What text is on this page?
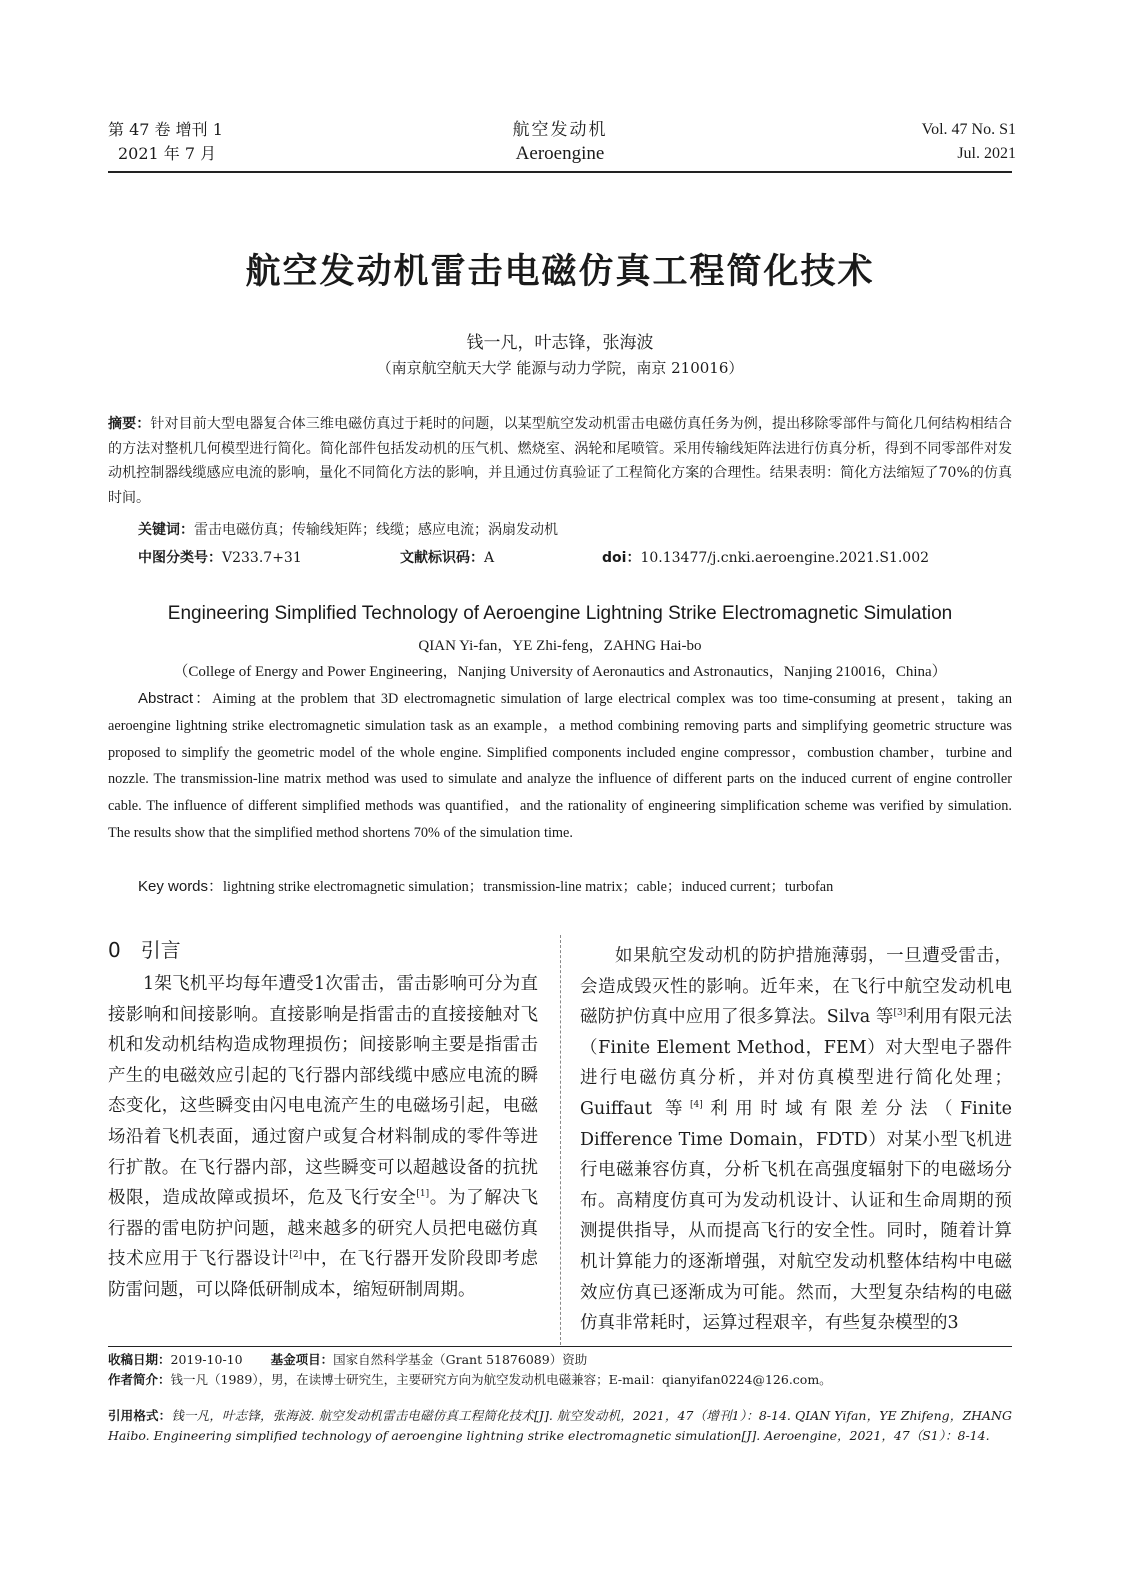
第 47 卷 增刊 1
2021 年 7 月
航空发动机
Aeroengine
Vol. 47 No. S1
Jul. 2021
航空发动机雷击电磁仿真工程简化技术
钱一凡，叶志锋，张海波
（南京航空航天大学 能源与动力学院，南京 210016）
摘要：针对目前大型电器复合体三维电磁仿真过于耗时的问题，以某型航空发动机雷击电磁仿真任务为例，提出移除零部件与简化几何结构相结合的方法对整机几何模型进行简化。简化部件包括发动机的压气机、燃烧室、涡轮和尾喷管。采用传输线矩阵法进行仿真分析，得到不同零部件对发动机控制器线缆感应电流的影响，量化不同简化方法的影响，并且通过仿真验证了工程简化方案的合理性。结果表明：简化方法缩短了70%的仿真时间。
关键词：雷击电磁仿真；传输线矩阵；线缆；感应电流；涡扇发动机
中图分类号：V233.7+31	文献标识码：A	doi：10.13477/j.cnki.aeroengine.2021.S1.002
Engineering Simplified Technology of Aeroengine Lightning Strike Electromagnetic Simulation
QIAN Yi-fan，YE Zhi-feng，ZAHNG Hai-bo
（College of Energy and Power Engineering，Nanjing University of Aeronautics and Astronautics，Nanjing 210016，China）
Abstract：Aiming at the problem that 3D electromagnetic simulation of large electrical complex was too time-consuming at present，taking an aeroengine lightning strike electromagnetic simulation task as an example，a method combining removing parts and simplifying geometric structure was proposed to simplify the geometric model of the whole engine. Simplified components included engine compressor，combustion chamber，turbine and nozzle. The transmission-line matrix method was used to simulate and analyze the influence of different parts on the induced current of engine controller cable. The influence of different simplified methods was quantified，and the rationality of engineering simplification scheme was verified by simulation. The results show that the simplified method shortens 70% of the simulation time.
Key words：lightning strike electromagnetic simulation；transmission-line matrix；cable；induced current；turbofan
0 引言
1架飞机平均每年遭受1次雷击，雷击影响可分为直接影响和间接影响。直接影响是指雷击的直接接触对飞机和发动机结构造成物理损伤；间接影响主要是指雷击产生的电磁效应引起的飞行器内部线缆中感应电流的瞬态变化，这些瞬变由闪电电流产生的电磁场引起，电磁场沿着飞机表面，通过窗户或复合材料制成的零件等进行扩散。在飞行器内部，这些瞬变可以超越设备的抗扰极限，造成故障或损坏，危及飞行安全[1]。为了解决飞行器的雷电防护问题，越来越多的研究人员把电磁仿真技术应用于飞行器设计[2]中，在飞行器开发阶段即考虑防雷问题，可以降低研制成本，缩短研制周期。
如果航空发动机的防护措施薄弱，一旦遭受雷击，会造成毁灭性的影响。近年来，在飞行中航空发动机电磁防护仿真中应用了很多算法。Silva 等[3]利用有限元法（Finite Element Method，FEM）对大型电子器件进行电磁仿真分析，并对仿真模型进行简化处理；Guiffaut 等[4]利用时域有限差分法（Finite Difference Time Domain，FDTD）对某小型飞机进行电磁兼容仿真，分析飞机在高强度辐射下的电磁场分布。高精度仿真可为发动机设计、认证和生命周期的预测提供指导，从而提高飞行的安全性。同时，随着计算机计算能力的逐渐增强，对航空发动机整体结构中电磁效应仿真已逐渐成为可能。然而，大型复杂结构的电磁仿真非常耗时，运算过程艰辛，有些复杂模型的3
收稿日期：2019-10-10 基金项目：国家自然科学基金（Grant 51876089）资助
作者简介：钱一凡（1989），男，在读博士研究生，主要研究方向为航空发动机电磁兼容；E-mail：qianyifan0224@126.com。
引用格式：钱一凡，叶志锋，张海波. 航空发动机雷击电磁仿真工程简化技术[J]. 航空发动机，2021，47（增刊1）：8-14. QIAN Yifan，YE Zhifeng，ZHANG Haibo. Engineering simplified technology of aeroengine lightning strike electromagnetic simulation[J]. Aeroengine，2021，47（S1）：8-14.
